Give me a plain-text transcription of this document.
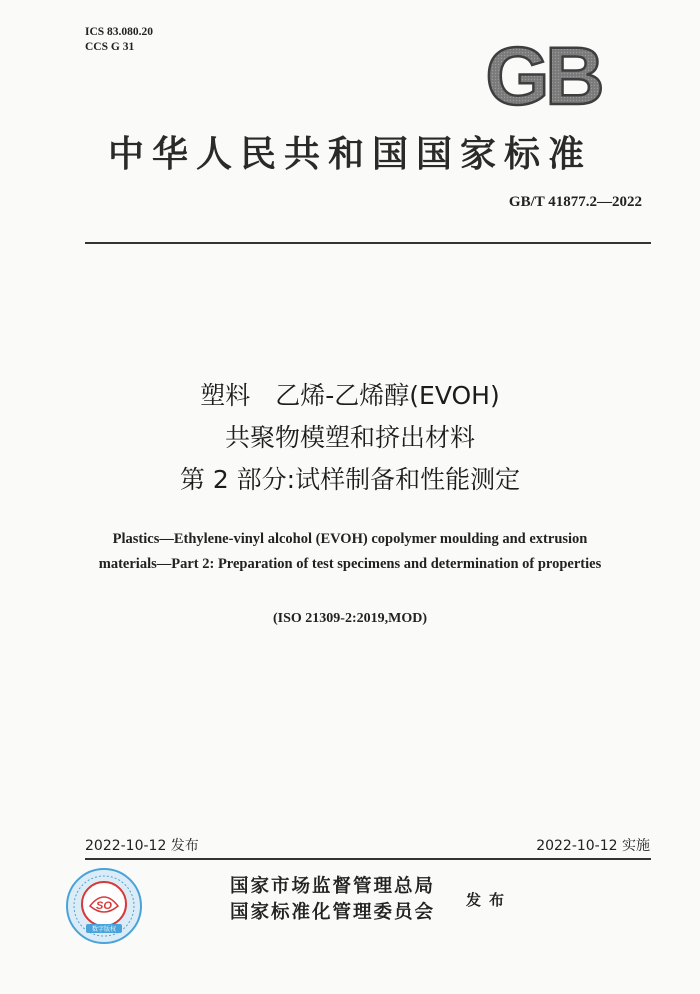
ICS 83.080.20
CCS G 31	GB
中华人民共和国国家标准
GB/T 41877.2—2022
塑料　乙烯-乙烯醇(EVOH)
共聚物模塑和挤出材料
第 2 部分:试样制备和性能测定
Plastics—Ethylene-vinyl alcohol (EVOH) copolymer moulding and extrusion
materials—Part 2: Preparation of test specimens and determination of properties
(ISO 21309-2:2019,MOD)
2022-10-12 发布	2022-10-12 实施
SO
数字版权
国家市场监督管理总局
国家标准化管理委员会
发布
